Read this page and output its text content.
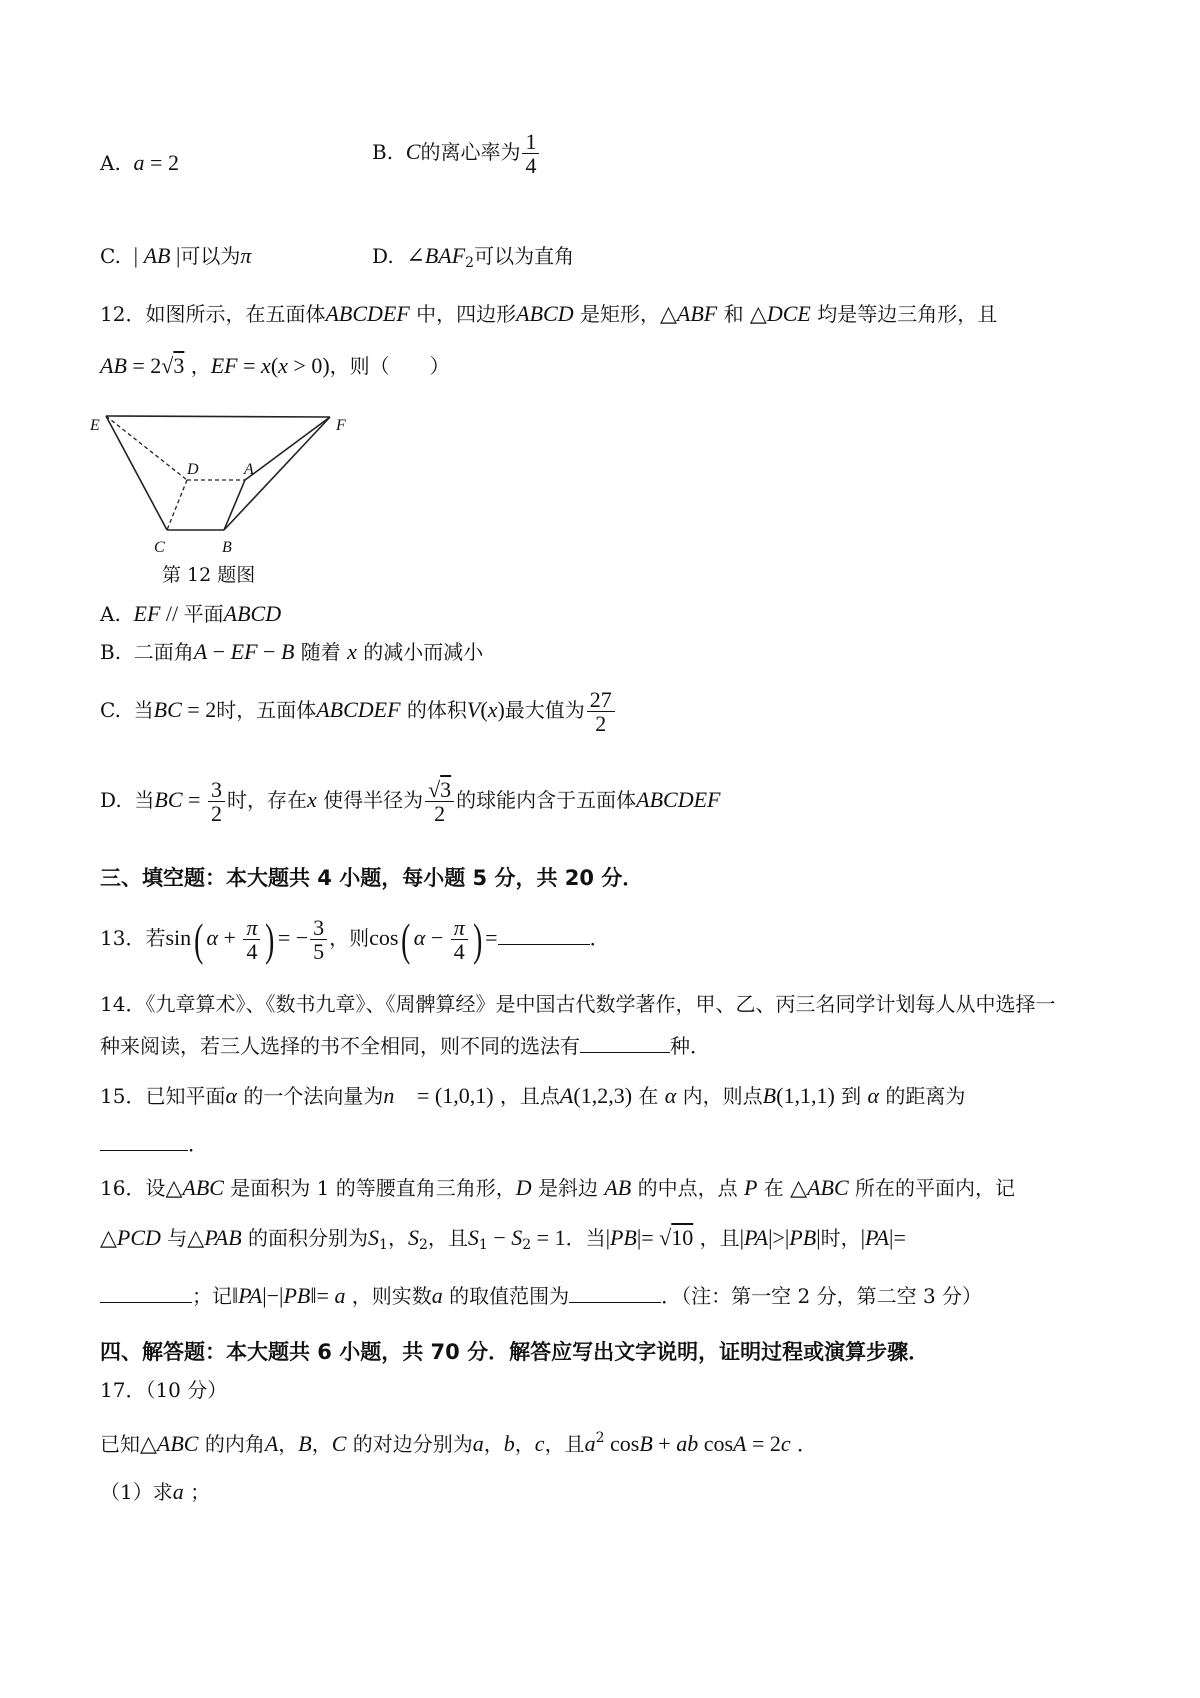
A. a = 2	B. C的离心率为 $\frac{1}{4}$
C. | AB |可以为π	D. $\angle BAF_2$可以为直角
12．如图所示，在五面体ABCDEF 中，四边形ABCD 是矩形，△ABF 和 △DCE 均是等边三角形，且
AB = 2√3 ，EF = x(x > 0)，则（　　）
E	F
D	A
C	B
第 12 题图
A. EF // 平面ABCD
B. 二面角A − EF − B 随着 x 的减小而减小
C. 当BC = 2时，五面体ABCDEF 的体积V(x)最大值为 $\frac{27}{2}$
D. 当BC = $\frac{3}{2}$ 时，存在x 使得半径为 $\frac{√3}{2}$ 的球能内含于五面体ABCDEF
三、填空题：本大题共 4 小题，每小题 5 分，共 20 分．
13．若sin( $\alpha + \frac{\pi}{4}$ ) = − $\frac{3}{5}$ ，则cos( $\alpha - \frac{\pi}{4}$ ) =	．
14．《九章算术》、《数书九章》、《周髀算经》是中国古代数学著作，甲、乙、丙三名同学计划每人从中选择一
种来阅读，若三人选择的书不全相同，则不同的选法有	种．
15．已知平面α 的一个法向量为n⃗ = (1,0,1) ，且点A(1,2,3) 在 α 内，则点B(1,1,1) 到 α 的距离为
．
16．设△ABC 是面积为 1 的等腰直角三角形，D 是斜边 AB 的中点，点 P 在 △ABC 所在的平面内，记
△PCD 与△PAB 的面积分别为$S_1$，$S_2$，且$S_1 - S_2 = 1$．当|PB|= √10 ，且|PA|>|PB|时，|PA|=
；记‖PA|−|PB‖= a ，则实数a 的取值范围为	．（注：第一空 2 分，第二空 3 分）
四、解答题：本大题共 6 小题，共 70 分．解答应写出文字说明，证明过程或演算步骤．
17．（10 分）
已知△ABC 的内角A，B，C 的对边分别为a，b，c，且$a^2$ cosB + ab cosA = 2c ．
（1）求a ；
